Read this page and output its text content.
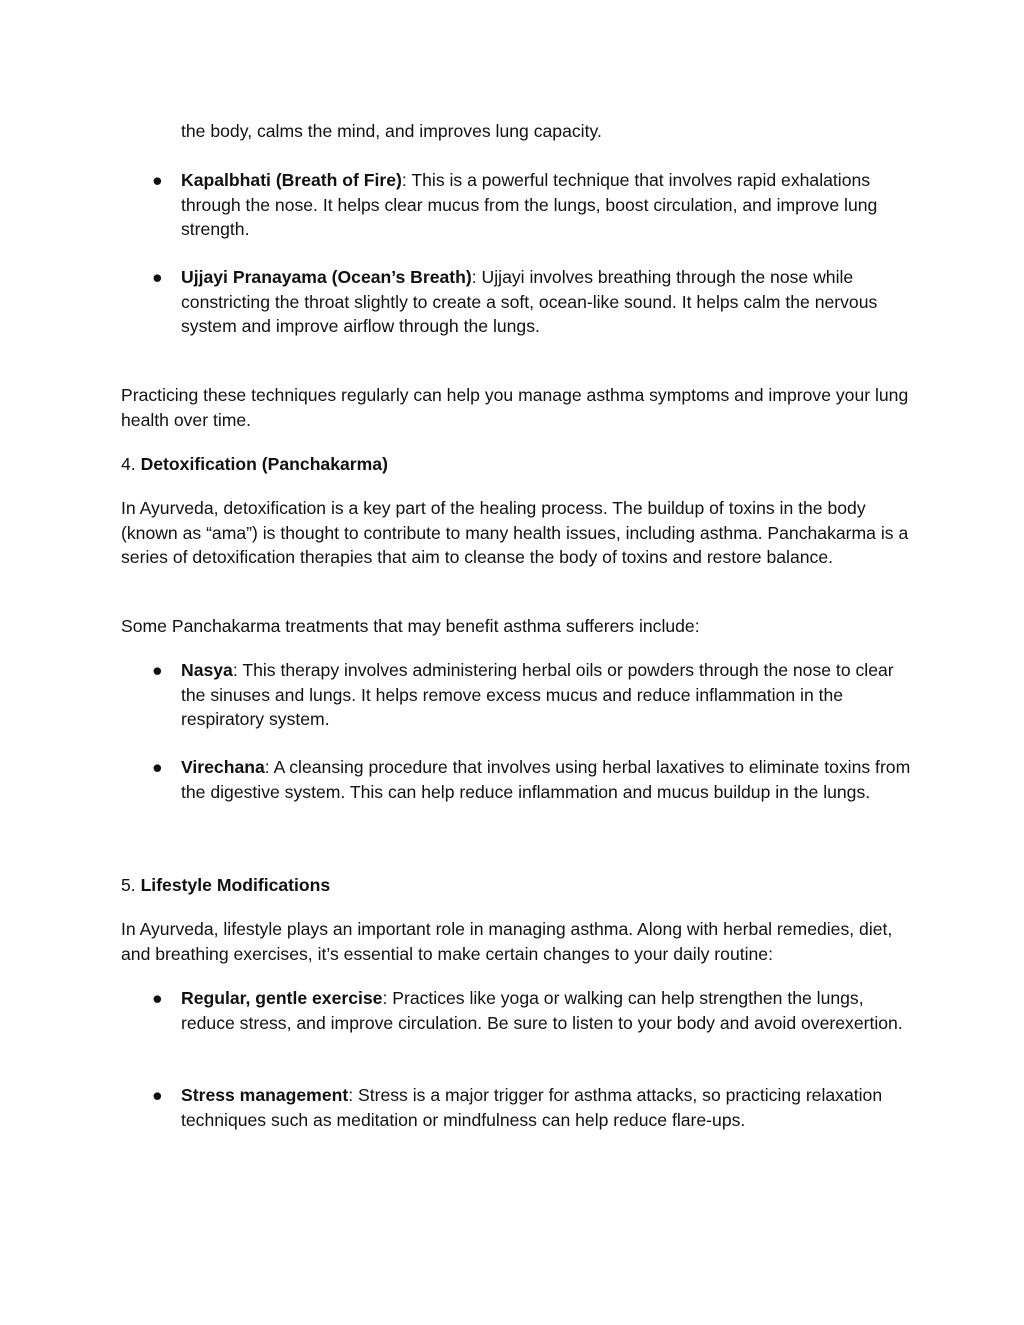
the body, calms the mind, and improves lung capacity.

●	Kapalbhati (Breath of Fire): This is a powerful technique that involves rapid exhalations through the nose. It helps clear mucus from the lungs, boost circulation, and improve lung strength.

●	Ujjayi Pranayama (Ocean’s Breath): Ujjayi involves breathing through the nose while constricting the throat slightly to create a soft, ocean-like sound. It helps calm the nervous system and improve airflow through the lungs.

Practicing these techniques regularly can help you manage asthma symptoms and improve your lung health over time.

4. Detoxification (Panchakarma)

In Ayurveda, detoxification is a key part of the healing process. The buildup of toxins in the body (known as “ama”) is thought to contribute to many health issues, including asthma. Panchakarma is a series of detoxification therapies that aim to cleanse the body of toxins and restore balance.

Some Panchakarma treatments that may benefit asthma sufferers include:

●	Nasya: This therapy involves administering herbal oils or powders through the nose to clear the sinuses and lungs. It helps remove excess mucus and reduce inflammation in the respiratory system.

●	Virechana: A cleansing procedure that involves using herbal laxatives to eliminate toxins from the digestive system. This can help reduce inflammation and mucus buildup in the lungs.

5. Lifestyle Modifications

In Ayurveda, lifestyle plays an important role in managing asthma. Along with herbal remedies, diet, and breathing exercises, it’s essential to make certain changes to your daily routine:

●	Regular, gentle exercise: Practices like yoga or walking can help strengthen the lungs, reduce stress, and improve circulation. Be sure to listen to your body and avoid overexertion.

●	Stress management: Stress is a major trigger for asthma attacks, so practicing relaxation techniques such as meditation or mindfulness can help reduce flare-ups.
